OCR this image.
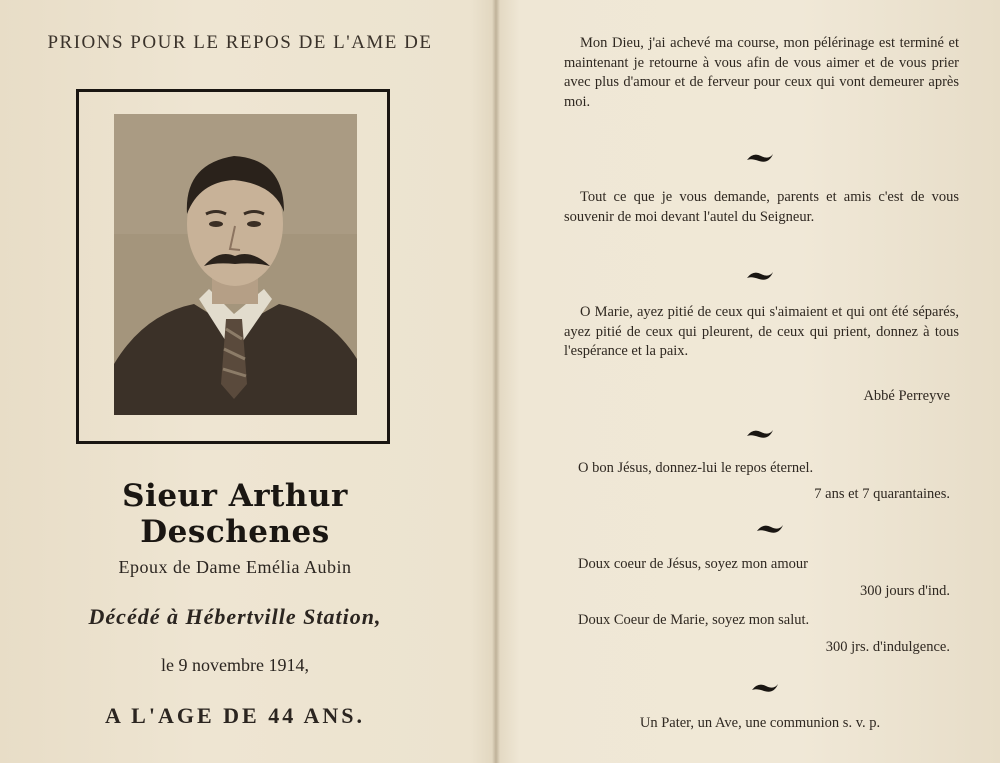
PRIONS POUR LE REPOS DE L'AME DE
Sieur Arthur Deschenes
Epoux de Dame Emélia Aubin
Décédé à Hébertville Station,
le 9 novembre 1914,
A L'AGE DE 44 ANS.
Mon Dieu, j'ai achevé ma course, mon pélérinage est terminé et maintenant je retourne à vous afin de vous aimer et de vous prier avec plus d'amour et de ferveur pour ceux qui vont demeurer après moi.
Tout ce que je vous demande, parents et amis c'est de vous souvenir de moi devant l'autel du Seigneur.
O Marie, ayez pitié de ceux qui s'aimaient et qui ont été séparés, ayez pitié de ceux qui pleurent, de ceux qui prient, donnez à tous l'espérance et la paix.
Abbé Perreyve
O bon Jésus, donnez-lui le repos éternel.
7 ans et 7 quarantaines.
Doux coeur de Jésus, soyez mon amour
300 jours d'ind.
Doux Coeur de Marie, soyez mon salut.
300 jrs. d'indulgence.
Un Pater, un Ave, une communion s. v. p.
